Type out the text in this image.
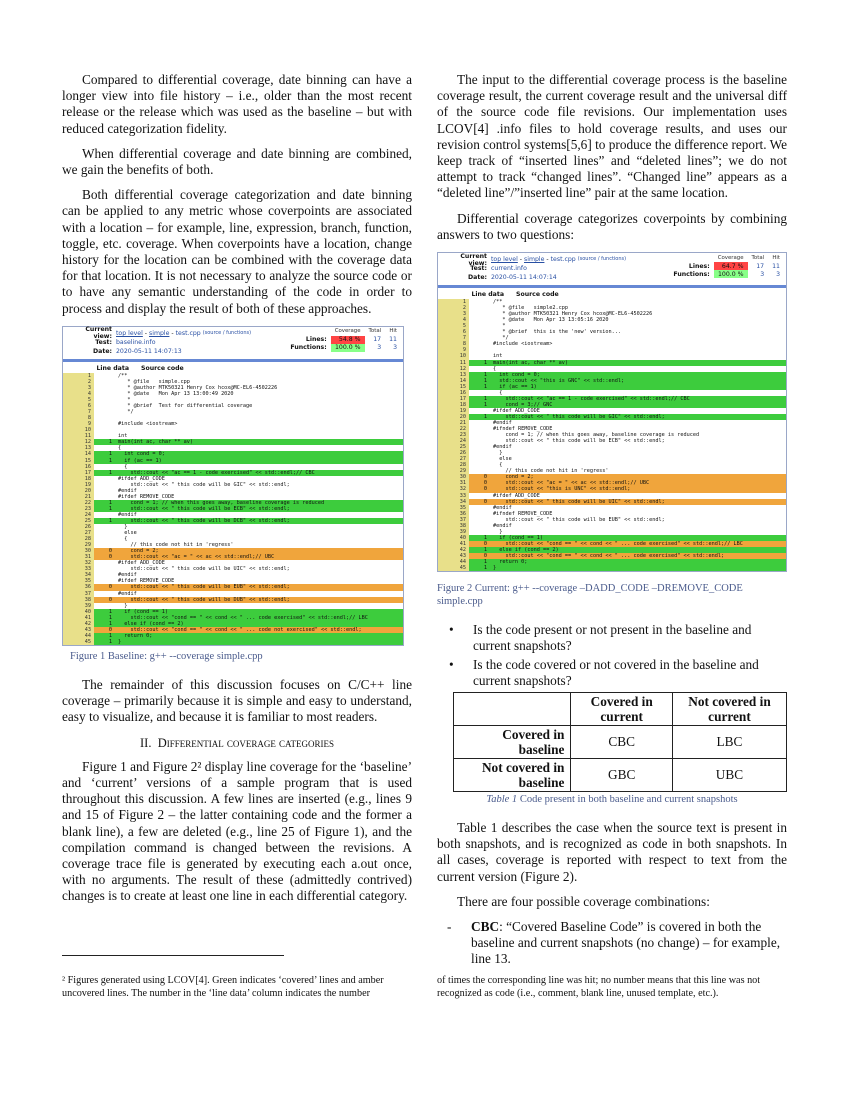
Compared to differential coverage, date binning can have a longer view into file history – i.e., older than the most recent release or the release which was used as the baseline – but with reduced categorization fidelity.

When differential coverage and date binning are combined, we gain the benefits of both.

Both differential coverage categorization and date binning can be applied to any metric whose coverpoints are associated with a location – for example, line, expression, branch, function, toggle, etc. coverage. When coverpoints have a location, change history for the location can be combined with the coverage data for that location. It is not necessary to analyze the source code or to have any semantic understanding of the code in order to process and display the result of both of these approaches.

Current view: top level - simple - test.cpp
(source / functions)
Test: baseline.info
Date: 2020-05-11 14:07:13
	Coverage	Total	Hit
Lines:	54.8 %	17	11
Functions:	100.0 %	3	3
Line data	Source code
1	/**
2	* @file   simple.cpp
3	* @author MTK50321 Henry Cox hcox@MC-EL6-4502226
4	* @date   Mon Apr 13 13:00:49 2020
5	*
6	* @brief  Test for differential coverage
7	*/
8
9	#include <iostream>
10
11	int
12	1	main(int ac, char ** av)
13	{
14	1	int cond = 0;
15	1	if (ac == 1)
16	{
17	1	std::cout << "ac == 1 - code exercised" << std::endl;// CBC
18	#ifdef ADD_CODE
19	std::cout << " this code will be GIC" << std::endl;
20	#endif
21	#ifdef REMOVE_CODE
22	1	cond = 1; // when this goes away, baseline coverage is reduced
23	1	std::cout << " this code will be ECB" << std::endl;
24	#endif
25	1	std::cout << " this code will be DCB" << std::endl;
26	}
27	else
28	{
29	// this code not hit in 'regress'
30	0	cond = 2;
31	0	std::cout << "ac = " << ac << std::endl;// UBC
32	#ifdef ADD_CODE
33	std::cout << " this code will be UIC" << std::endl;
34	#endif
35	#ifdef REMOVE_CODE
36	0	std::cout << " this code will be EUB" << std::endl;
37	#endif
38	0	std::cout << " this code will be DUB" << std::endl;
39	}
40	1	if (cond == 1)
41	1	std::cout << "cond == " << cond << " ... code exercised" << std::endl;// LBC
42	1	else if (cond == 2)
43	0	std::cout << "cond == " << cond << " ... code not exercised" << std::endl;
44	1	return 0;
45	1	}
Figure 1 Baseline: g++ --coverage simple.cpp

The remainder of this discussion focuses on C/C++ line coverage – primarily because it is simple and easy to understand, easy to visualize, and because it is familiar to most readers.

II. Differential coverage categories

Figure 1 and Figure 2² display line coverage for the ‘baseline’ and ‘current’ versions of a sample program that is used throughout this discussion. A few lines are inserted (e.g., lines 9 and 15 of Figure 2 – the latter containing code and the former a blank line), a few are deleted (e.g., line 25 of Figure 1), and the compilation command is changed between the revisions. A coverage trace file is generated by executing each a.out once, with no arguments. The result of these (admittedly contrived) changes is to create at least one line in each differential category.

The input to the differential coverage process is the baseline coverage result, the current coverage result and the universal diff of the source code file revisions. Our implementation uses LCOV[4] .info files to hold coverage results, and uses our revision control systems[5,6] to produce the difference report. We keep track of “inserted lines” and “deleted lines”; we do not attempt to track “changed lines”. “Changed line” appears as a “deleted line”/”inserted line” pair at the same location.

Differential coverage categorizes coverpoints by combining answers to two questions:

Current view: top level - simple - test.cpp
(source / functions)
Test: current.info
Date: 2020-05-11 14:07:14
	Coverage	Total	Hit
Lines:	64.7 %	17	11
Functions:	100.0 %	3	3
Line data	Source code
1	/**
2	* @file   simple2.cpp
3	* @author MTK50321 Henry Cox hcox@MC-EL6-4502226
4	* @date   Mon Apr 13 13:05:16 2020
5	*
6	* @brief  this is the 'new' version...
7	*/
8	#include <iostream>
9
10	int
11	1	main(int ac, char ** av)
12	{
13	1	int cond = 0;
14	1	std::cout << "this is GNC" << std::endl;
15	1	if (ac == 1)
16	{
17	1	std::cout << "ac == 1 - code exercised" << std::endl;// CBC
18	1	cond = 3;// GNC
19	#ifdef ADD_CODE
20	1	std::cout << " this code will be GIC" << std::endl;
21	#endif
22	#ifndef REMOVE_CODE
23	cond = 1; // when this goes away, baseline coverage is reduced
24	std::cout << " this code will be ECB" << std::endl;
25	#endif
26	}
27	else
28	{
29	// this code not hit in 'regress'
30	0	cond = 2;
31	0	std::cout << "ac = " << ac << std::endl;// UBC
32	0	std::cout << "this is UNC" << std::endl;
33	#ifdef ADD_CODE
34	0	std::cout << " this code will be UIC" << std::endl;
35	#endif
36	#ifndef REMOVE_CODE
37	std::cout << " this code will be EUB" << std::endl;
38	#endif
39	}
40	1	if (cond == 1)
41	0	std::cout << "cond == " << cond << " ... code exercised" << std::endl;// LBC
42	1	else if (cond == 2)
43	0	std::cout << "cond == " << cond << " ... code exercised" << std::endl;
44	1	return 0;
45	1	}
Figure 2 Current: g++ --coverage –DADD_CODE –DREMOVE_CODE simple.cpp
• Is the code present or not present in the baseline and current snapshots?
• Is the code covered or not covered in the baseline and current snapshots?
	Covered in current	Not covered in current
Covered in baseline	CBC	LBC
Not covered in baseline	GBC	UBC
Table 1 Code present in both baseline and current snapshots

Table 1 describes the case when the source text is present in both snapshots, and is recognized as code in both snapshots. In all cases, coverage is reported with respect to text from the current version (Figure 2).

There are four possible coverage combinations:

- CBC: “Covered Baseline Code” is covered in both the baseline and current snapshots (no change) – for example, line 13.
² Figures generated using LCOV[4]. Green indicates ‘covered’ lines and amber uncovered lines. The number in the ‘line data’ column indicates the number
of times the corresponding line was hit; no number means that this line was not recognized as code (i.e., comment, blank line, unused template, etc.).
